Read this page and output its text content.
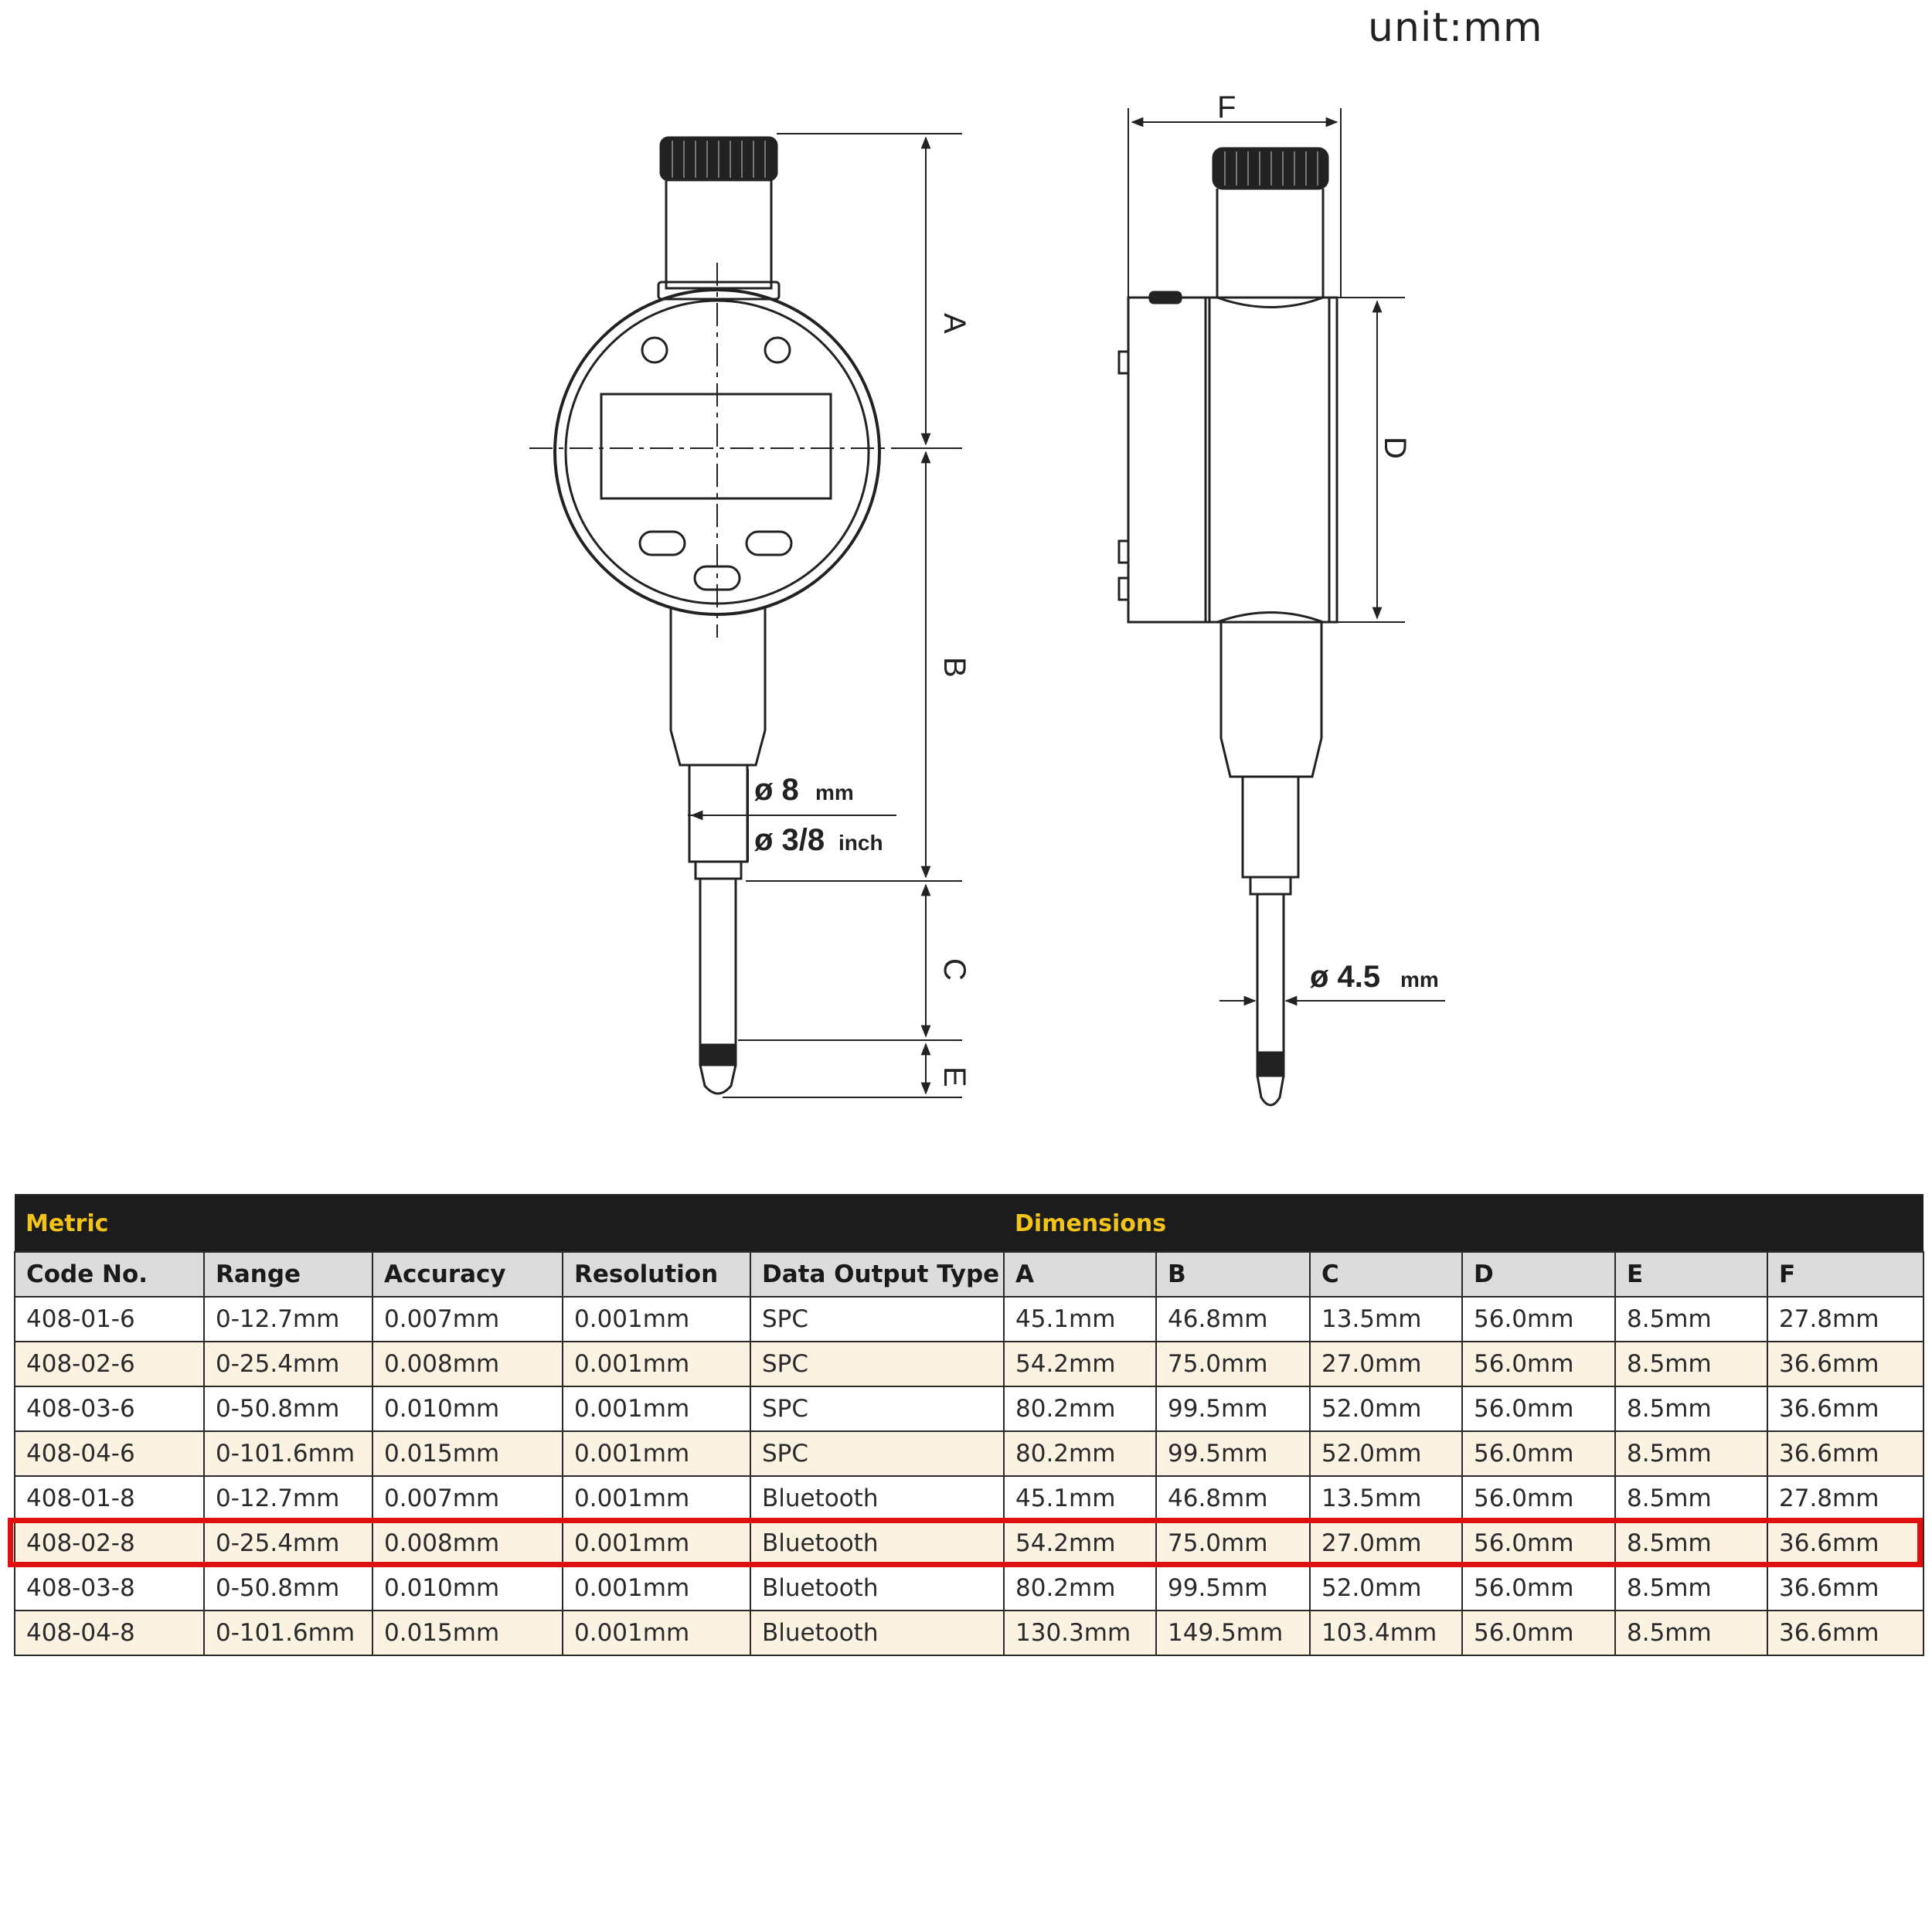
unit:mm
A
B
C
E
ø 8 mm
ø 3/8 inch
F
D
ø 4.5 mm
Metric					Dimensions					
Code No.	Range	Accuracy	Resolution	Data Output Type	A	B	C	D	E	F
408-01-6	0-12.7mm	0.007mm	0.001mm	SPC	45.1mm	46.8mm	13.5mm	56.0mm	8.5mm	27.8mm
408-02-6	0-25.4mm	0.008mm	0.001mm	SPC	54.2mm	75.0mm	27.0mm	56.0mm	8.5mm	36.6mm
408-03-6	0-50.8mm	0.010mm	0.001mm	SPC	80.2mm	99.5mm	52.0mm	56.0mm	8.5mm	36.6mm
408-04-6	0-101.6mm	0.015mm	0.001mm	SPC	80.2mm	99.5mm	52.0mm	56.0mm	8.5mm	36.6mm
408-01-8	0-12.7mm	0.007mm	0.001mm	Bluetooth	45.1mm	46.8mm	13.5mm	56.0mm	8.5mm	27.8mm
408-02-8	0-25.4mm	0.008mm	0.001mm	Bluetooth	54.2mm	75.0mm	27.0mm	56.0mm	8.5mm	36.6mm
408-03-8	0-50.8mm	0.010mm	0.001mm	Bluetooth	80.2mm	99.5mm	52.0mm	56.0mm	8.5mm	36.6mm
408-04-8	0-101.6mm	0.015mm	0.001mm	Bluetooth	130.3mm	149.5mm	103.4mm	56.0mm	8.5mm	36.6mm
